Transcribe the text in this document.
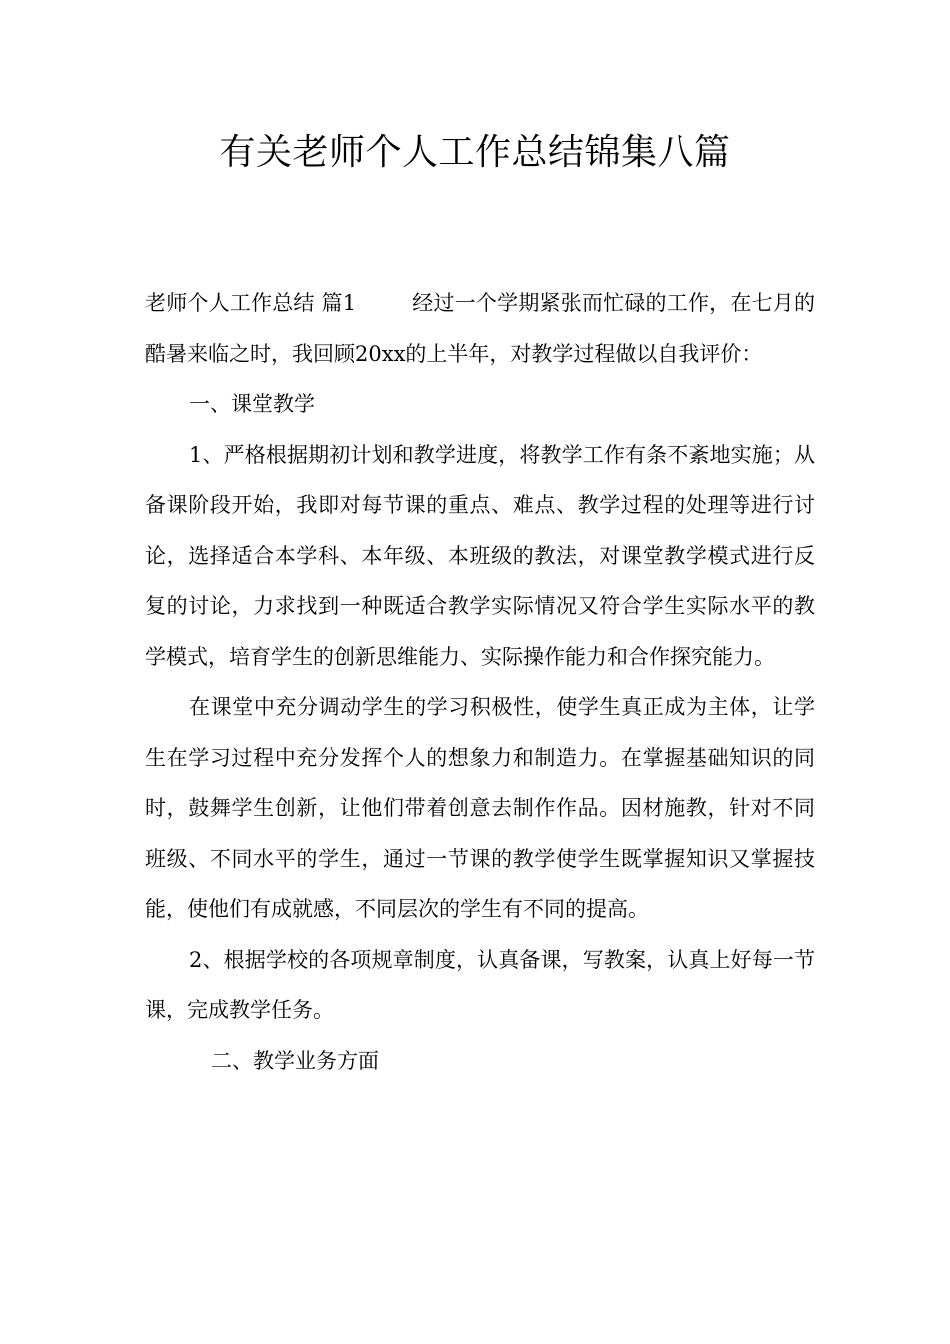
有关老师个人工作总结锦集八篇

老师个人工作总结 篇1	经过一个学期紧张而忙碌的工作，在七月的酷暑来临之时，我回顾20xx的上半年，对教学过程做以自我评价：

一、课堂教学

1、严格根据期初计划和教学进度，将教学工作有条不紊地实施；从备课阶段开始，我即对每节课的重点、难点、教学过程的处理等进行讨论，选择适合本学科、本年级、本班级的教法，对课堂教学模式进行反复的讨论，力求找到一种既适合教学实际情况又符合学生实际水平的教学模式，培育学生的创新思维能力、实际操作能力和合作探究能力。

在课堂中充分调动学生的学习积极性，使学生真正成为主体，让学生在学习过程中充分发挥个人的想象力和制造力。在掌握基础知识的同时，鼓舞学生创新，让他们带着创意去制作作品。因材施教，针对不同班级、不同水平的学生，通过一节课的教学使学生既掌握知识又掌握技能，使他们有成就感，不同层次的学生有不同的提高。

2、根据学校的各项规章制度，认真备课，写教案，认真上好每一节课，完成教学任务。

二、教学业务方面
